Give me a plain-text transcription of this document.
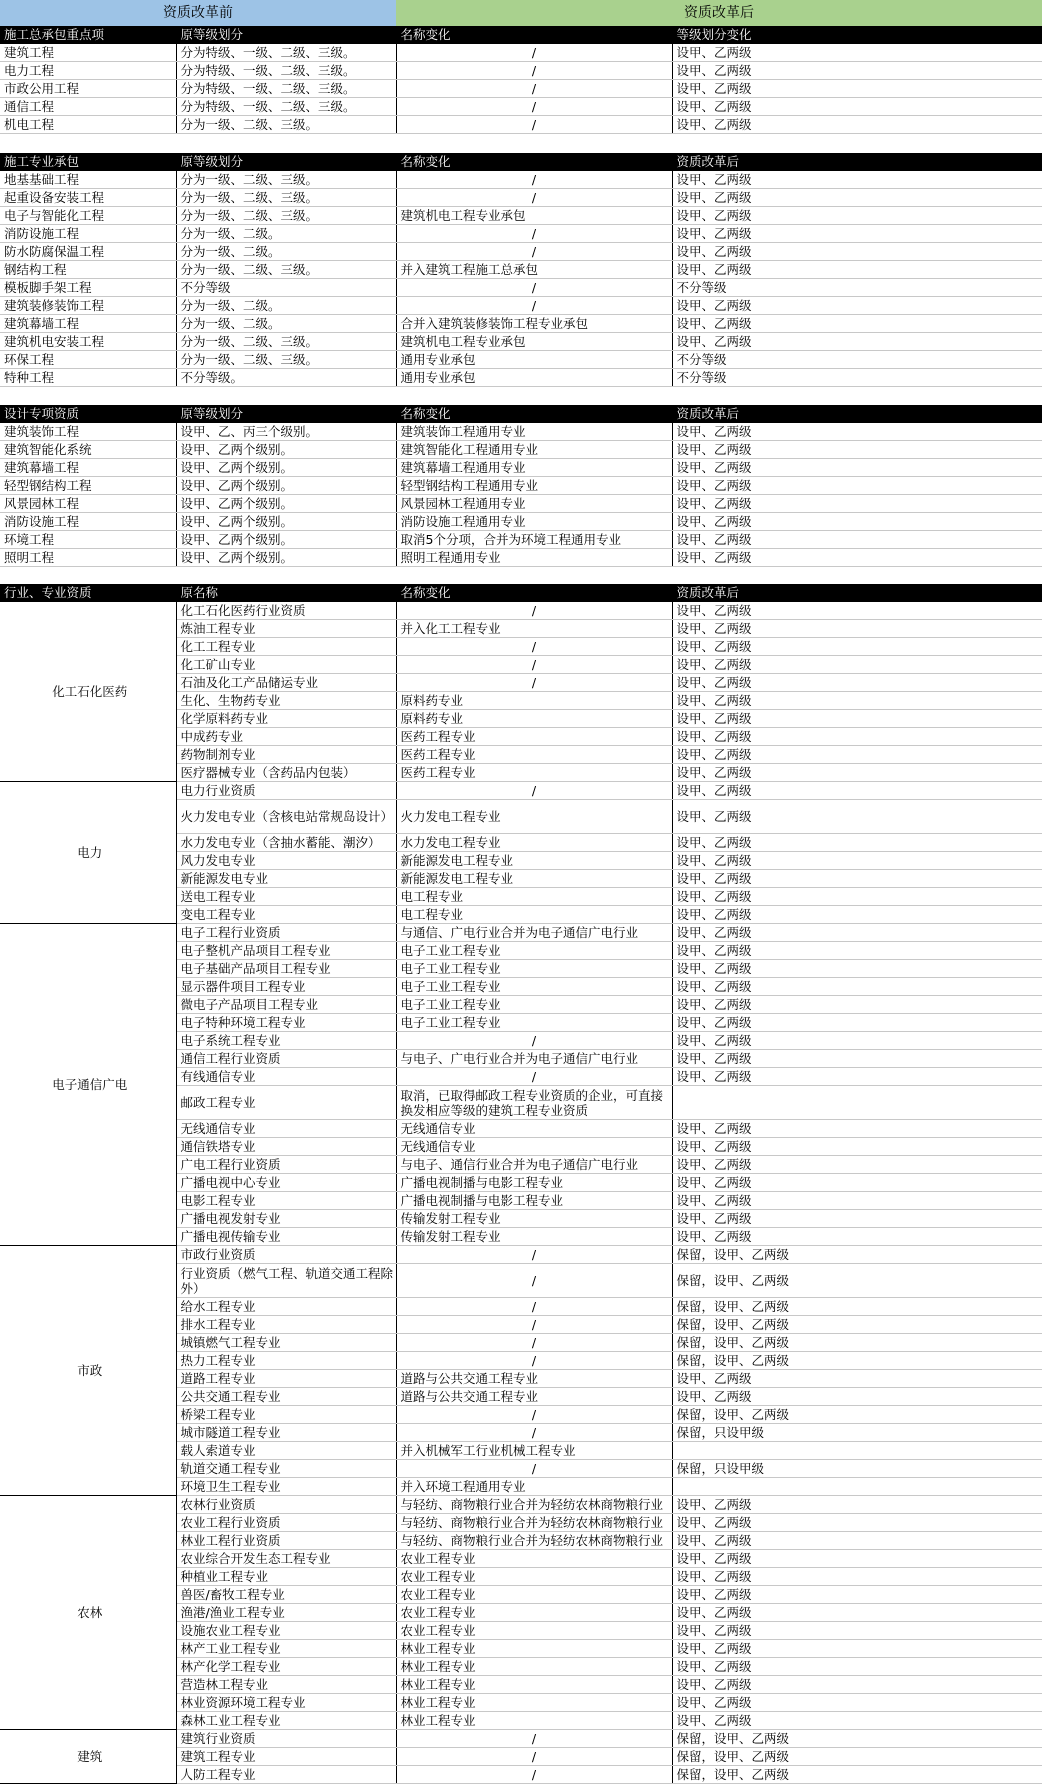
资质改革前	资质改革后
施工总承包重点项	原等级划分	名称变化	等级划分变化
建筑工程	分为特级、一级、二级、三级。	/	设甲、乙两级
电力工程	分为特级、一级、二级、三级。	/	设甲、乙两级
市政公用工程	分为特级、一级、二级、三级。	/	设甲、乙两级
通信工程	分为特级、一级、二级、三级。	/	设甲、乙两级
机电工程	分为一级、二级、三级。	/	设甲、乙两级
施工专业承包	原等级划分	名称变化	资质改革后
地基基础工程	分为一级、二级、三级。	/	设甲、乙两级
起重设备安装工程	分为一级、二级、三级。	/	设甲、乙两级
电子与智能化工程	分为一级、二级、三级。	建筑机电工程专业承包	设甲、乙两级
消防设施工程	分为一级、二级。	/	设甲、乙两级
防水防腐保温工程	分为一级、二级。	/	设甲、乙两级
钢结构工程	分为一级、二级、三级。	并入建筑工程施工总承包	设甲、乙两级
模板脚手架工程	不分等级	/	不分等级
建筑装修装饰工程	分为一级、二级。	/	设甲、乙两级
建筑幕墙工程	分为一级、二级。	合并入建筑装修装饰工程专业承包	设甲、乙两级
建筑机电安装工程	分为一级、二级、三级。	建筑机电工程专业承包	设甲、乙两级
环保工程	分为一级、二级、三级。	通用专业承包	不分等级
特种工程	不分等级。	通用专业承包	不分等级
设计专项资质	原等级划分	名称变化	资质改革后
建筑装饰工程	设甲、乙、丙三个级别。	建筑装饰工程通用专业	设甲、乙两级
建筑智能化系统	设甲、乙两个级别。	建筑智能化工程通用专业	设甲、乙两级
建筑幕墙工程	设甲、乙两个级别。	建筑幕墙工程通用专业	设甲、乙两级
轻型钢结构工程	设甲、乙两个级别。	轻型钢结构工程通用专业	设甲、乙两级
风景园林工程	设甲、乙两个级别。	风景园林工程通用专业	设甲、乙两级
消防设施工程	设甲、乙两个级别。	消防设施工程通用专业	设甲、乙两级
环境工程	设甲、乙两个级别。	取消5个分项，合并为环境工程通用专业	设甲、乙两级
照明工程	设甲、乙两个级别。	照明工程通用专业	设甲、乙两级
行业、专业资质	原名称	名称变化	资质改革后
化工石化医药	化工石化医药行业资质	/	设甲、乙两级
	炼油工程专业	并入化工工程专业	设甲、乙两级
	化工工程专业	/	设甲、乙两级
	化工矿山专业	/	设甲、乙两级
	石油及化工产品储运专业	/	设甲、乙两级
	生化、生物药专业	原料药专业	设甲、乙两级
	化学原料药专业	原料药专业	设甲、乙两级
	中成药专业	医药工程专业	设甲、乙两级
	药物制剂专业	医药工程专业	设甲、乙两级
	医疗器械专业（含药品内包装）	医药工程专业	设甲、乙两级
电力	电力行业资质	/	设甲、乙两级
	火力发电专业（含核电站常规岛设计）	火力发电工程专业	设甲、乙两级
	水力发电专业（含抽水蓄能、潮汐）	水力发电工程专业	设甲、乙两级
	风力发电专业	新能源发电工程专业	设甲、乙两级
	新能源发电专业	新能源发电工程专业	设甲、乙两级
	送电工程专业	电工程专业	设甲、乙两级
	变电工程专业	电工程专业	设甲、乙两级
电子通信广电	电子工程行业资质	与通信、广电行业合并为电子通信广电行业	设甲、乙两级
	电子整机产品项目工程专业	电子工业工程专业	设甲、乙两级
	电子基础产品项目工程专业	电子工业工程专业	设甲、乙两级
	显示器件项目工程专业	电子工业工程专业	设甲、乙两级
	微电子产品项目工程专业	电子工业工程专业	设甲、乙两级
	电子特种环境工程专业	电子工业工程专业	设甲、乙两级
	电子系统工程专业	/	设甲、乙两级
	通信工程行业资质	与电子、广电行业合并为电子通信广电行业	设甲、乙两级
	有线通信专业	/	设甲、乙两级
	邮政工程专业	取消，已取得邮政工程专业资质的企业，可直接换发相应等级的建筑工程专业资质	
	无线通信专业	无线通信专业	设甲、乙两级
	通信铁塔专业	无线通信专业	设甲、乙两级
	广电工程行业资质	与电子、通信行业合并为电子通信广电行业	设甲、乙两级
	广播电视中心专业	广播电视制播与电影工程专业	设甲、乙两级
	电影工程专业	广播电视制播与电影工程专业	设甲、乙两级
	广播电视发射专业	传输发射工程专业	设甲、乙两级
	广播电视传输专业	传输发射工程专业	设甲、乙两级
市政	市政行业资质	/	保留，设甲、乙两级
	行业资质（燃气工程、轨道交通工程除外）	/	保留，设甲、乙两级
	给水工程专业	/	保留，设甲、乙两级
	排水工程专业	/	保留，设甲、乙两级
	城镇燃气工程专业	/	保留，设甲、乙两级
	热力工程专业	/	保留，设甲、乙两级
	道路工程专业	道路与公共交通工程专业	设甲、乙两级
	公共交通工程专业	道路与公共交通工程专业	设甲、乙两级
	桥梁工程专业	/	保留，设甲、乙两级
	城市隧道工程专业	/	保留，只设甲级
	载人索道专业	并入机械军工行业机械工程专业	
	轨道交通工程专业	/	保留，只设甲级
	环境卫生工程专业	并入环境工程通用专业	
农林	农林行业资质	与轻纺、商物粮行业合并为轻纺农林商物粮行业	设甲、乙两级
	农业工程行业资质	与轻纺、商物粮行业合并为轻纺农林商物粮行业	设甲、乙两级
	林业工程行业资质	与轻纺、商物粮行业合并为轻纺农林商物粮行业	设甲、乙两级
	农业综合开发生态工程专业	农业工程专业	设甲、乙两级
	种植业工程专业	农业工程专业	设甲、乙两级
	兽医/畜牧工程专业	农业工程专业	设甲、乙两级
	渔港/渔业工程专业	农业工程专业	设甲、乙两级
	设施农业工程专业	农业工程专业	设甲、乙两级
	林产工业工程专业	林业工程专业	设甲、乙两级
	林产化学工程专业	林业工程专业	设甲、乙两级
	营造林工程专业	林业工程专业	设甲、乙两级
	林业资源环境工程专业	林业工程专业	设甲、乙两级
	森林工业工程专业	林业工程专业	设甲、乙两级
建筑	建筑行业资质	/	保留，设甲、乙两级
	建筑工程专业	/	保留，设甲、乙两级
	人防工程专业	/	保留，设甲、乙两级
